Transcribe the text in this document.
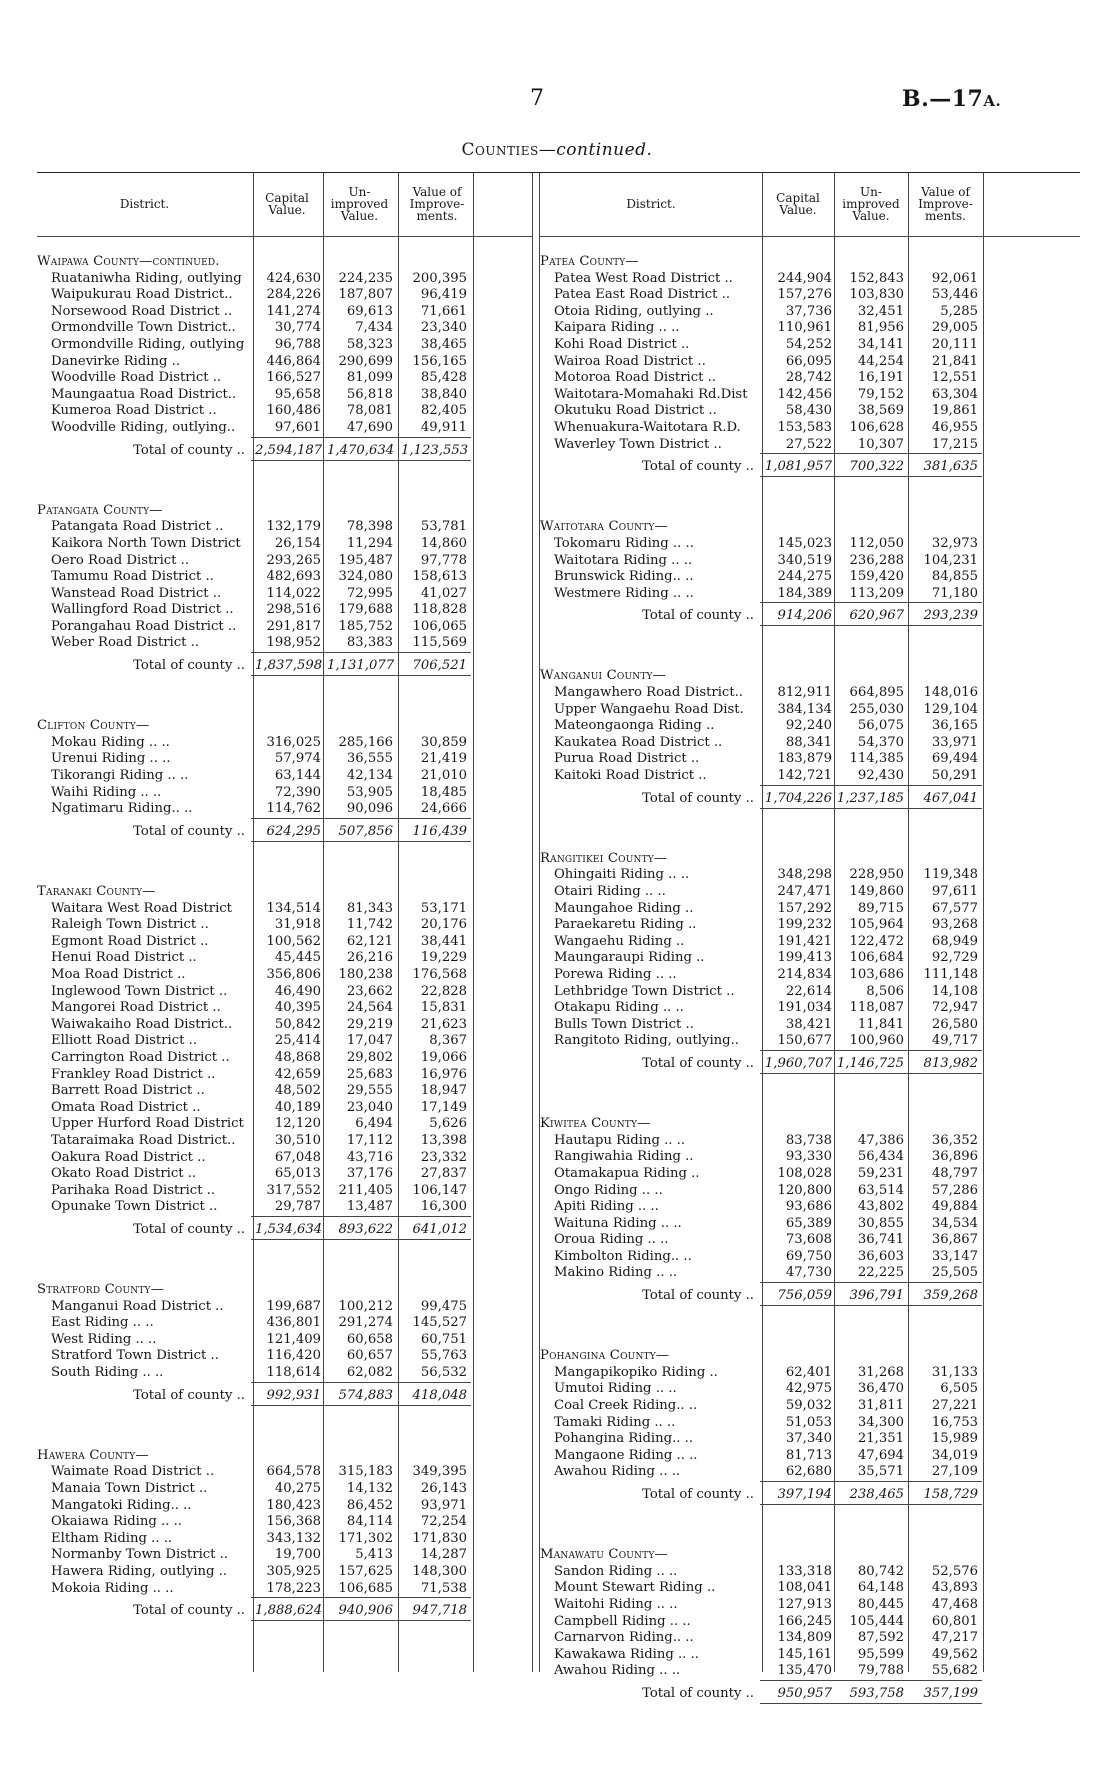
7	B.—17A.
Counties—continued.
District.	Capital Value.
Un-improved Value.
Value of Improve-ments.
Waipawa County—continued.
Ruataniwha Riding, outlying	424,630	224,235	200,395
Waipukurau Road District..	284,226	187,807	96,419
Norsewood Road District ..	141,274	69,613	71,661
Ormondville Town District..	30,774	7,434	23,340
Ormondville Riding, outlying	96,788	58,323	38,465
Danevirke Riding ..	446,864	290,699	156,165
Woodville Road District ..	166,527	81,099	85,428
Maungaatua Road District..	95,658	56,818	38,840
Kumeroa Road District ..	160,486	78,081	82,405
Woodville Riding, outlying..	97,601	47,690	49,911
Total of county .. 2,594,187 1,470,634 1,123,553
Patangata County—
Patangata Road District ..	132,179	78,398	53,781
Kaikora North Town District	26,154	11,294	14,860
Oero Road District ..	293,265	195,487	97,778
Tamumu Road District ..	482,693	324,080	158,613
Wanstead Road District ..	114,022	72,995	41,027
Wallingford Road District ..	298,516	179,688	118,828
Porangahau Road District ..	291,817	185,752	106,065
Weber Road District ..	198,952	83,383	115,569
Total of county .. 1,837,598 1,131,077	706,521
Clifton County—
Mokau Riding .. ..	316,025	285,166	30,859
Urenui Riding .. ..	57,974	36,555	21,419
Tikorangi Riding .. ..	63,144	42,134	21,010
Waihi Riding .. ..	72,390	53,905	18,485
Ngatimaru Riding.. ..	114,762	90,096	24,666
Total of county ..	624,295	507,856	116,439
Taranaki County—
Waitara West Road District	134,514	81,343	53,171
Raleigh Town District ..	31,918	11,742	20,176
Egmont Road District ..	100,562	62,121	38,441
Henui Road District ..	45,445	26,216	19,229
Moa Road District ..	356,806	180,238	176,568
Inglewood Town District ..	46,490	23,662	22,828
Mangorei Road District ..	40,395	24,564	15,831
Waiwakaiho Road District..	50,842	29,219	21,623
Elliott Road District ..	25,414	17,047	8,367
Carrington Road District ..	48,868	29,802	19,066
Frankley Road District ..	42,659	25,683	16,976
Barrett Road District ..	48,502	29,555	18,947
Omata Road District ..	40,189	23,040	17,149
Upper Hurford Road District	12,120	6,494	5,626
Tataraimaka Road District..	30,510	17,112	13,398
Oakura Road District ..	67,048	43,716	23,332
Okato Road District ..	65,013	37,176	27,837
Parihaka Road District ..	317,552	211,405	106,147
Opunake Town District ..	29,787	13,487	16,300
Total of county .. 1,534,634	893,622	641,012
Stratford County—
Manganui Road District ..	199,687	100,212	99,475
East Riding .. ..	436,801	291,274	145,527
West Riding .. ..	121,409	60,658	60,751
Stratford Town District ..	116,420	60,657	55,763
South Riding .. ..	118,614	62,082	56,532
Total of county ..	992,931	574,883	418,048
Hawera County—
Waimate Road District ..	664,578	315,183	349,395
Manaia Town District ..	40,275	14,132	26,143
Mangatoki Riding.. ..	180,423	86,452	93,971
Okaiawa Riding .. ..	156,368	84,114	72,254
Eltham Riding .. ..	343,132	171,302	171,830
Normanby Town District ..	19,700	5,413	14,287
Hawera Riding, outlying ..	305,925	157,625	148,300
Mokoia Riding .. ..	178,223	106,685	71,538
Total of county .. 1,888,624	940,906	947,718
District.	Capital Value.
Un-improved Value.
Value of Improve-ments.
Patea County—
Patea West Road District ..	244,904	152,843	92,061
Patea East Road District ..	157,276	103,830	53,446
Otoia Riding, outlying ..	37,736	32,451	5,285
Kaipara Riding .. ..	110,961	81,956	29,005
Kohi Road District ..	54,252	34,141	20,111
Wairoa Road District ..	66,095	44,254	21,841
Motoroa Road District ..	28,742	16,191	12,551
Waitotara-Momahaki Rd.Dist	142,456	79,152	63,304
Okutuku Road District ..	58,430	38,569	19,861
Whenuakura-Waitotara R.D.	153,583	106,628	46,955
Waverley Town District ..	27,522	10,307	17,215
Total of county .. 1,081,957	700,322	381,635
Waitotara County—
Tokomaru Riding .. ..	145,023	112,050	32,973
Waitotara Riding .. ..	340,519	236,288	104,231
Brunswick Riding.. ..	244,275	159,420	84,855
Westmere Riding .. ..	184,389	113,209	71,180
Total of county ..	914,206	620,967	293,239
Wanganui County—
Mangawhero Road District..	812,911	664,895	148,016
Upper Wangaehu Road Dist.	384,134	255,030	129,104
Mateongaonga Riding ..	92,240	56,075	36,165
Kaukatea Road District ..	88,341	54,370	33,971
Purua Road District ..	183,879	114,385	69,494
Kaitoki Road District ..	142,721	92,430	50,291
Total of county .. 1,704,226 1,237,185	467,041
Rangitikei County—
Ohingaiti Riding .. ..	348,298	228,950	119,348
Otairi Riding .. ..	247,471	149,860	97,611
Maungahoe Riding ..	157,292	89,715	67,577
Paraekaretu Riding ..	199,232	105,964	93,268
Wangaehu Riding ..	191,421	122,472	68,949
Maungaraupi Riding ..	199,413	106,684	92,729
Porewa Riding .. ..	214,834	103,686	111,148
Lethbridge Town District ..	22,614	8,506	14,108
Otakapu Riding .. ..	191,034	118,087	72,947
Bulls Town District ..	38,421	11,841	26,580
Rangitoto Riding, outlying..	150,677	100,960	49,717
Total of county .. 1,960,707 1,146,725	813,982
Kiwitea County—
Hautapu Riding .. ..	83,738	47,386	36,352
Rangiwahia Riding ..	93,330	56,434	36,896
Otamakapua Riding ..	108,028	59,231	48,797
Ongo Riding .. ..	120,800	63,514	57,286
Apiti Riding .. ..	93,686	43,802	49,884
Waituna Riding .. ..	65,389	30,855	34,534
Oroua Riding .. ..	73,608	36,741	36,867
Kimbolton Riding.. ..	69,750	36,603	33,147
Makino Riding .. ..	47,730	22,225	25,505
Total of county ..	756,059	396,791	359,268
Pohangina County—
Mangapikopiko Riding ..	62,401	31,268	31,133
Umutoi Riding .. ..	42,975	36,470	6,505
Coal Creek Riding.. ..	59,032	31,811	27,221
Tamaki Riding .. ..	51,053	34,300	16,753
Pohangina Riding.. ..	37,340	21,351	15,989
Mangaone Riding .. ..	81,713	47,694	34,019
Awahou Riding .. ..	62,680	35,571	27,109
Total of county ..	397,194	238,465	158,729
Manawatu County—
Sandon Riding .. ..	133,318	80,742	52,576
Mount Stewart Riding ..	108,041	64,148	43,893
Waitohi Riding .. ..	127,913	80,445	47,468
Campbell Riding .. ..	166,245	105,444	60,801
Carnarvon Riding.. ..	134,809	87,592	47,217
Kawakawa Riding .. ..	145,161	95,599	49,562
Awahou Riding .. ..	135,470	79,788	55,682
Total of county ..	950,957	593,758	357,199
